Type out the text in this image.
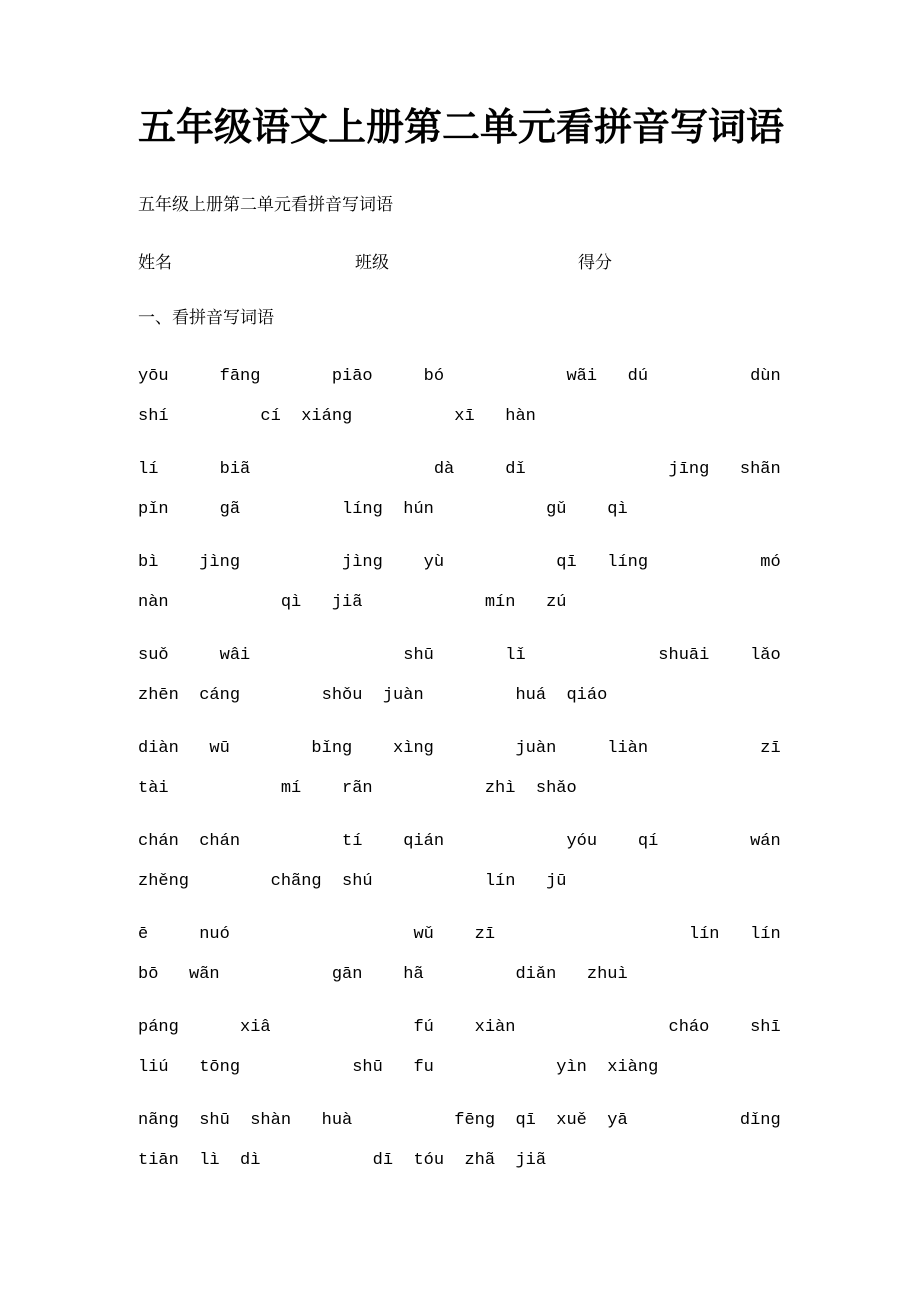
五年级语文上册第二单元看拼音写词语

五年级上册第二单元看拼音写词语

姓名	班级	得分

一、看拼音写词语

yōu     fāng       piāo     bó            wãi   dú          dùn
shí         cí  xiáng          xī   hàn
lí      biã                  dà     dǐ              jīng   shãn
pǐn     gã          líng  hún           gǔ    qì
bì    jìng          jìng    yù           qī   líng           mó
nàn           qì   jiã            mín   zú
suǒ     wâi               shū       lǐ             shuāi    lǎo
zhēn  cáng        shǒu  juàn         huá  qiáo
diàn   wū        bǐng    xìng        juàn     liàn           zī
tài           mí    rãn           zhì  shǎo
chán  chán          tí    qián            yóu    qí         wán
zhěng        chãng  shú           lín   jū
ē     nuó                  wǔ    zī                   lín   lín
bō   wãn           gān    hã         diǎn   zhuì
páng      xiâ              fú    xiàn               cháo    shī
liú   tōng           shū   fu            yìn  xiàng
nãng  shū  shàn   huà          fēng  qī  xuě  yā           dǐng
tiān  lì  dì           dī  tóu  zhã  jiã
